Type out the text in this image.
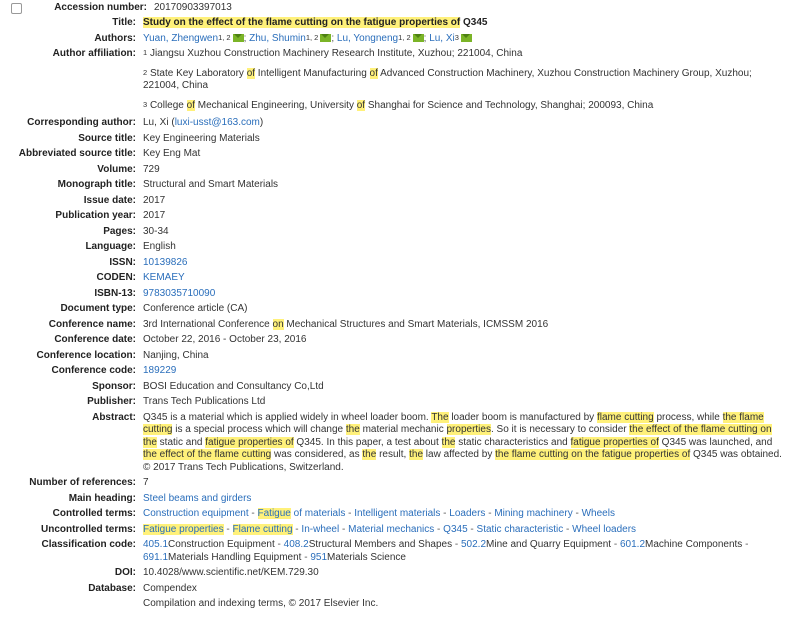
Accession number: 20170903397013
Title: Study on the effect of the flame cutting on the fatigue properties of Q345
Authors: Yuan, Zhengwen$^{1, 2}$ ; Zhu, Shumin$^{1, 2}$ ; Lu, Yongneng$^{1, 2}$ ; Lu, Xi$^3$
Author affiliation: $^1$ Jiangsu Xuzhou Construction Machinery Research Institute, Xuzhou; 221004, China

$^2$ State Key Laboratory of Intelligent Manufacturing of Advanced Construction Machinery, Xuzhou Construction Machinery Group, Xuzhou; 221004, China

$^3$ College of Mechanical Engineering, University of Shanghai for Science and Technology, Shanghai; 200093, China

Corresponding author: Lu, Xi (luxi-usst@163.com)
Source title: Key Engineering Materials
Abbreviated source title: Key Eng Mat
Volume: 729
Monograph title: Structural and Smart Materials
Issue date: 2017
Publication year: 2017
Pages: 30-34
Language: English
ISSN: 10139826
CODEN: KEMAEY
ISBN-13: 9783035710090
Document type: Conference article (CA)
Conference name: 3rd International Conference on Mechanical Structures and Smart Materials, ICMSSM 2016
Conference date: October 22, 2016 - October 23, 2016
Conference location: Nanjing, China
Conference code: 189229
Sponsor: BOSI Education and Consultancy Co,Ltd
Publisher: Trans Tech Publications Ltd
Abstract: Q345 is a material which is applied widely in wheel loader boom. The loader boom is manufactured by flame cutting process, while the flame cutting is a special process which will change the material mechanic properties. So it is necessary to consider the effect of the flame cutting on the static and fatigue properties of Q345. In this paper, a test about the static characteristics and fatigue properties of Q345 was launched, and the effect of the flame cutting was considered, as the result, the law affected by the flame cutting on the fatigue properties of Q345 was obtained. © 2017 Trans Tech Publications, Switzerland.
Number of references: 7
Main heading: Steel beams and girders
Controlled terms: Construction equipment - Fatigue of materials - Intelligent materials - Loaders - Mining machinery - Wheels
Uncontrolled terms: Fatigue properties - Flame cutting - In-wheel - Material mechanics - Q345 - Static characteristic - Wheel loaders
Classification code: 405.1Construction Equipment - 408.2Structural Members and Shapes - 502.2Mine and Quarry Equipment - 601.2Machine Components - 691.1Materials Handling Equipment - 951Materials Science
DOI: 10.4028/www.scientific.net/KEM.729.30
Database: Compendex
Compilation and indexing terms, © 2017 Elsevier Inc.
